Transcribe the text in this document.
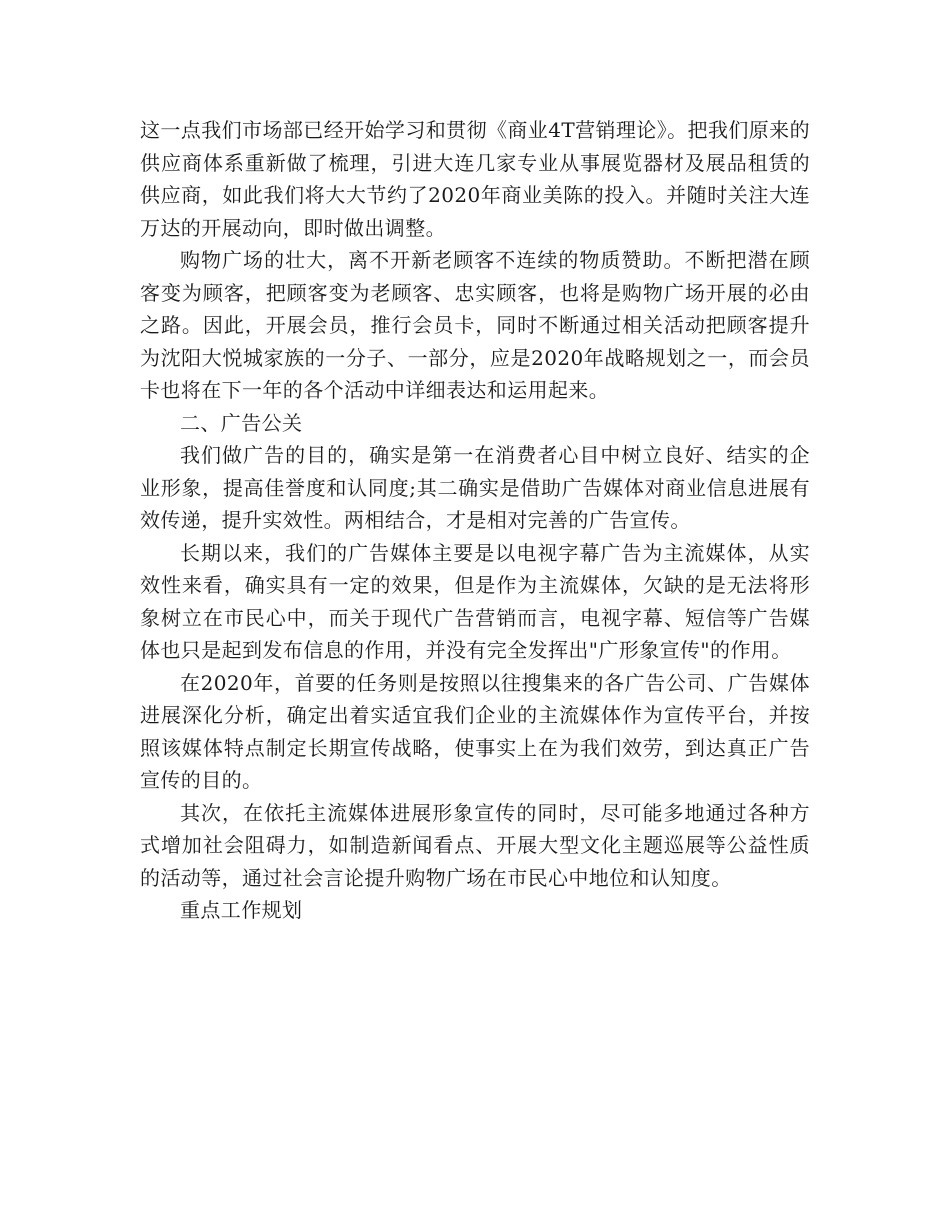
这一点我们市场部已经开始学习和贯彻《商业4T营销理论》。把我们原来的供应商体系重新做了梳理，引进大连几家专业从事展览器材及展品租赁的供应商，如此我们将大大节约了2020年商业美陈的投入。并随时关注大连万达的开展动向，即时做出调整。

购物广场的壮大，离不开新老顾客不连续的物质赞助。不断把潜在顾客变为顾客，把顾客变为老顾客、忠实顾客，也将是购物广场开展的必由之路。因此，开展会员，推行会员卡，同时不断通过相关活动把顾客提升为沈阳大悦城家族的一分子、一部分，应是2020年战略规划之一，而会员卡也将在下一年的各个活动中详细表达和运用起来。

二、广告公关

我们做广告的目的，确实是第一在消费者心目中树立良好、结实的企业形象，提高佳誉度和认同度;其二确实是借助广告媒体对商业信息进展有效传递，提升实效性。两相结合，才是相对完善的广告宣传。

长期以来，我们的广告媒体主要是以电视字幕广告为主流媒体，从实效性来看，确实具有一定的效果，但是作为主流媒体，欠缺的是无法将形象树立在市民心中，而关于现代广告营销而言，电视字幕、短信等广告媒体也只是起到发布信息的作用，并没有完全发挥出"广形象宣传"的作用。

在2020年，首要的任务则是按照以往搜集来的各广告公司、广告媒体进展深化分析，确定出着实适宜我们企业的主流媒体作为宣传平台，并按照该媒体特点制定长期宣传战略，使事实上在为我们效劳，到达真正广告宣传的目的。

其次，在依托主流媒体进展形象宣传的同时，尽可能多地通过各种方式增加社会阻碍力，如制造新闻看点、开展大型文化主题巡展等公益性质的活动等，通过社会言论提升购物广场在市民心中地位和认知度。

重点工作规划
